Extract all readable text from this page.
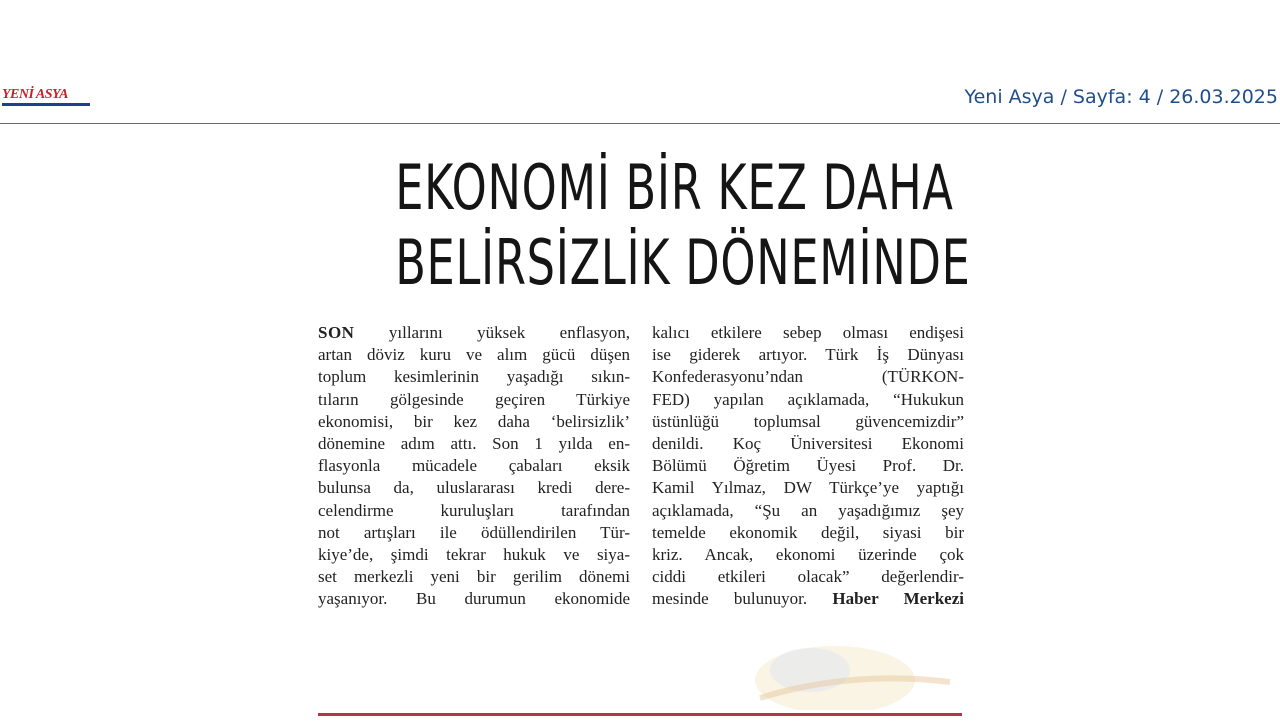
YENİ ASYA	Yeni Asya / Sayfa: 4 / 26.03.2025
EKONOMİ BİR KEZ DAHA
BELİRSİZLİK DÖNEMİNDE
SON yıllarını yüksek enflasyon,
artan döviz kuru ve alım gücü düşen
toplum kesimlerinin yaşadığı sıkın-
tıların gölgesinde geçiren Türkiye
ekonomisi, bir kez daha ‘belirsizlik’
dönemine adım attı. Son 1 yılda en-
flasyonla mücadele çabaları eksik
bulunsa da, uluslararası kredi dere-
celendirme kuruluşları tarafından
not artışları ile ödüllendirilen Tür-
kiye’de, şimdi tekrar hukuk ve siya-
set merkezli yeni bir gerilim dönemi
yaşanıyor. Bu durumun ekonomide
kalıcı etkilere sebep olması endişesi
ise giderek artıyor. Türk İş Dünyası
Konfederasyonu’ndan (TÜRKON-
FED) yapılan açıklamada, “Hukukun
üstünlüğü toplumsal güvencemizdir”
denildi. Koç Üniversitesi Ekonomi
Bölümü Öğretim Üyesi Prof. Dr.
Kamil Yılmaz, DW Türkçe’ye yaptığı
açıklamada, “Şu an yaşadığımız şey
temelde ekonomik değil, siyasi bir
kriz. Ancak, ekonomi üzerinde çok
ciddi etkileri olacak” değerlendir-
mesinde bulunuyor. Haber Merkezi
